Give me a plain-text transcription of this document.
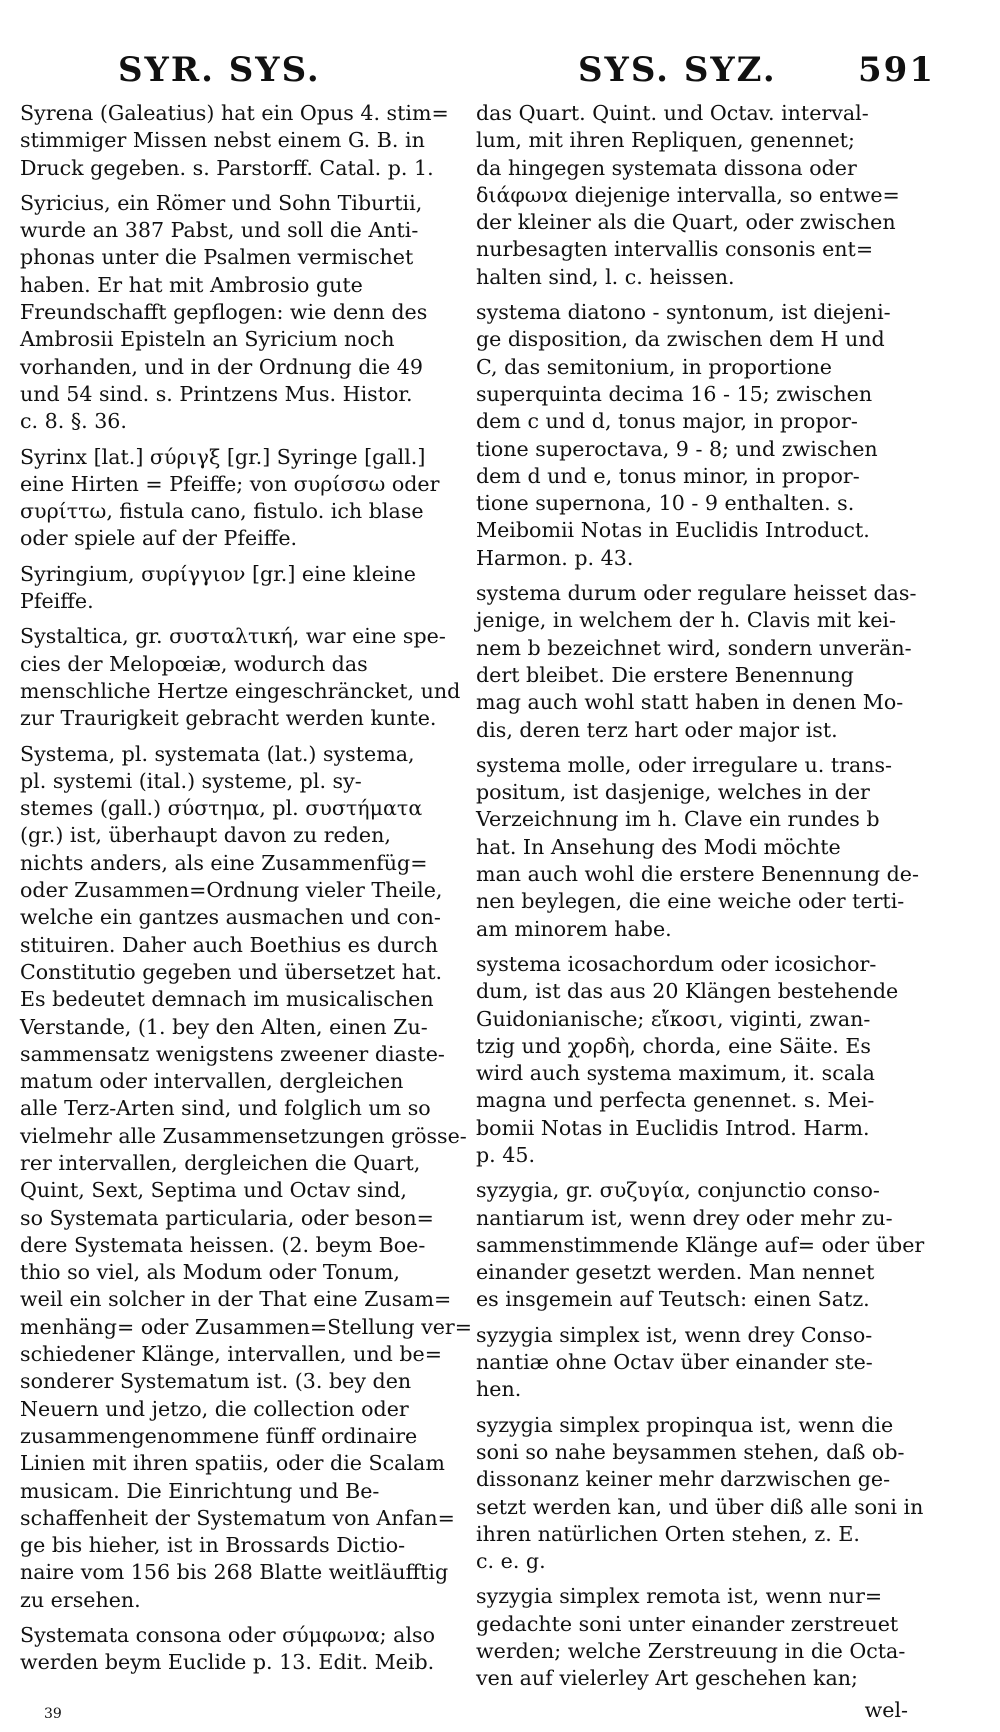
SYR. SYS.	SYS. SYZ. 591
Syrena (Galeatius) hat ein Opus 4. stim=
stimmiger Missen nebst einem G. B. in
Druck gegeben. s. Parstorff. Catal. p. 1.
Syricius, ein Römer und Sohn Tiburtii,
wurde an 387 Pabst, und soll die Anti-
phonas unter die Psalmen vermischet
haben. Er hat mit Ambrosio gute
Freundschafft gepflogen: wie denn des
Ambrosii Episteln an Syricium noch
vorhanden, und in der Ordnung die 49
und 54 sind. s. Printzens Mus. Histor.
c. 8. §. 36.
Syrinx [lat.] σύριγξ [gr.] Syringe [gall.]
eine Hirten = Pfeiffe; von συρίσσω oder
συρίττω, fistula cano, fistulo. ich blase
oder spiele auf der Pfeiffe.
Syringium, συρίγγιον [gr.] eine kleine
Pfeiffe.
Systaltica, gr. συσταλτική, war eine spe-
cies der Melopœiæ, wodurch das
menschliche Hertze eingeschräncket, und
zur Traurigkeit gebracht werden kunte.
Systema, pl. systemata (lat.) systema,
pl. systemi (ital.) systeme, pl. sy-
stemes (gall.) σύστημα, pl. συστήματα
(gr.) ist, überhaupt davon zu reden,
nichts anders, als eine Zusammenfüg=
oder Zusammen=Ordnung vieler Theile,
welche ein gantzes ausmachen und con-
stituiren. Daher auch Boethius es durch
Constitutio gegeben und übersetzet hat.
Es bedeutet demnach im musicalischen
Verstande, (1. bey den Alten, einen Zu-
sammensatz wenigstens zweener diaste-
matum oder intervallen, dergleichen
alle Terz-Arten sind, und folglich um so
vielmehr alle Zusammensetzungen grösse-
rer intervallen, dergleichen die Quart,
Quint, Sext, Septima und Octav sind,
so Systemata particularia, oder beson=
dere Systemata heissen. (2. beym Boe-
thio so viel, als Modum oder Tonum,
weil ein solcher in der That eine Zusam=
menhäng= oder Zusammen=Stellung ver=
schiedener Klänge, intervallen, und be=
sonderer Systematum ist. (3. bey den
Neuern und jetzo, die collection oder
zusammengenommene fünff ordinaire
Linien mit ihren spatiis, oder die Scalam
musicam. Die Einrichtung und Be-
schaffenheit der Systematum von Anfan=
ge bis hieher, ist in Brossards Dictio-
naire vom 156 bis 268 Blatte weitläufftig
zu ersehen.
Systemata consona oder σύμφωνα; also
werden beym Euclide p. 13. Edit. Meib.
das Quart. Quint. und Octav. interval-
lum, mit ihren Repliquen, genennet;
da hingegen systemata dissona oder
διάφωνα diejenige intervalla, so entwe=
der kleiner als die Quart, oder zwischen
nurbesagten intervallis consonis ent=
halten sind, l. c. heissen.
systema diatono - syntonum, ist diejeni-
ge disposition, da zwischen dem H und
C, das semitonium, in proportione
superquinta decima 16 - 15; zwischen
dem c und d, tonus major, in propor-
tione superoctava, 9 - 8; und zwischen
dem d und e, tonus minor, in propor-
tione supernona, 10 - 9 enthalten. s.
Meibomii Notas in Euclidis Introduct.
Harmon. p. 43.
systema durum oder regulare heisset das-
jenige, in welchem der h. Clavis mit kei-
nem b bezeichnet wird, sondern unverän-
dert bleibet. Die erstere Benennung
mag auch wohl statt haben in denen Mo-
dis, deren terz hart oder major ist.
systema molle, oder irregulare u. trans-
positum, ist dasjenige, welches in der
Verzeichnung im h. Clave ein rundes b
hat. In Ansehung des Modi möchte
man auch wohl die erstere Benennung de-
nen beylegen, die eine weiche oder terti-
am minorem habe.
systema icosachordum oder icosichor-
dum, ist das aus 20 Klängen bestehende
Guidonianische; εἴκοσι, viginti, zwan-
tzig und χορδὴ, chorda, eine Säite. Es
wird auch systema maximum, it. scala
magna und perfecta genennet. s. Mei-
bomii Notas in Euclidis Introd. Harm.
p. 45.
syzygia, gr. συζυγία, conjunctio conso-
nantiarum ist, wenn drey oder mehr zu-
sammenstimmende Klänge auf= oder über
einander gesetzt werden. Man nennet
es insgemein auf Teutsch: einen Satz.
syzygia simplex ist, wenn drey Conso-
nantiæ ohne Octav über einander ste-
hen.
syzygia simplex propinqua ist, wenn die
soni so nahe beysammen stehen, daß ob-
dissonanz keiner mehr darzwischen ge-
setzt werden kan, und über diß alle soni in
ihren natürlichen Orten stehen, z. E.
c. e. g.
syzygia simplex remota ist, wenn nur=
gedachte soni unter einander zerstreuet
werden; welche Zerstreuung in die Octa-
ven auf vielerley Art geschehen kan;
wel-
39
